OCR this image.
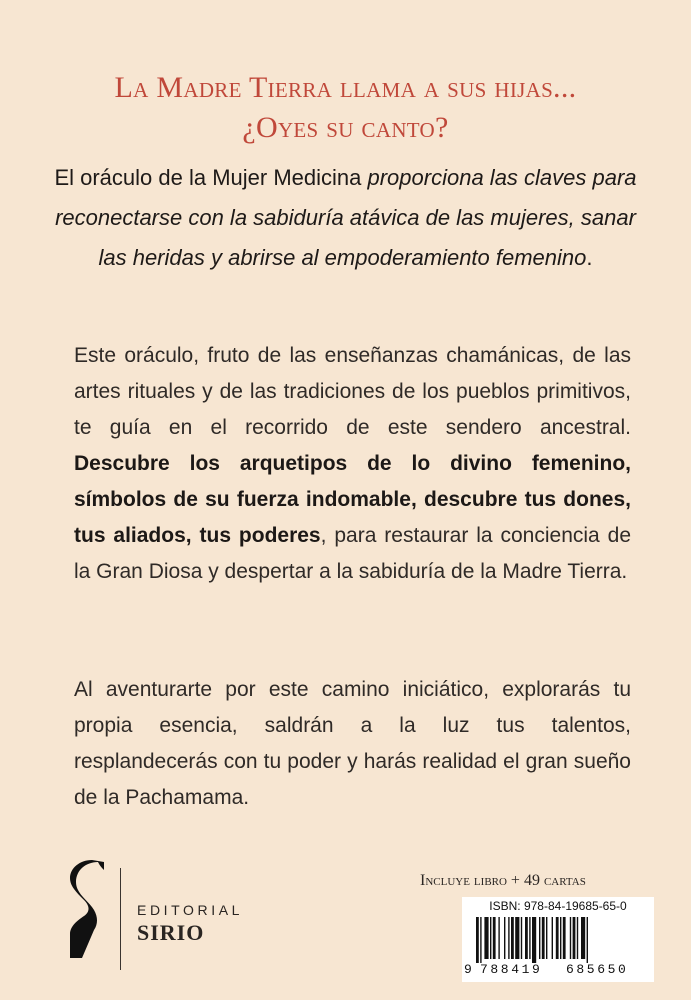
La Madre Tierra llama a sus hijas...
¿Oyes su canto?
El oráculo de la Mujer Medicina proporciona las claves para reconectarse con la sabiduría atávica de las mujeres, sanar las heridas y abrirse al empoderamiento femenino.
Este oráculo, fruto de las enseñanzas chamánicas, de las artes rituales y de las tradiciones de los pueblos primitivos, te guía en el recorrido de este sendero ancestral. Descubre los arquetipos de lo divino femenino, símbolos de su fuerza indomable, descubre tus dones, tus aliados, tus poderes, para restaurar la conciencia de la Gran Diosa y despertar a la sabiduría de la Madre Tierra.
Al aventurarte por este camino iniciático, explorarás tu propia esencia, saldrán a la luz tus talentos, resplandecerás con tu poder y harás realidad el gran sueño de la Pachamama.
EDITORIAL
SIRIO
Incluye libro + 49 cartas
ISBN: 978-84-19685-65-0
9 788419 685650
